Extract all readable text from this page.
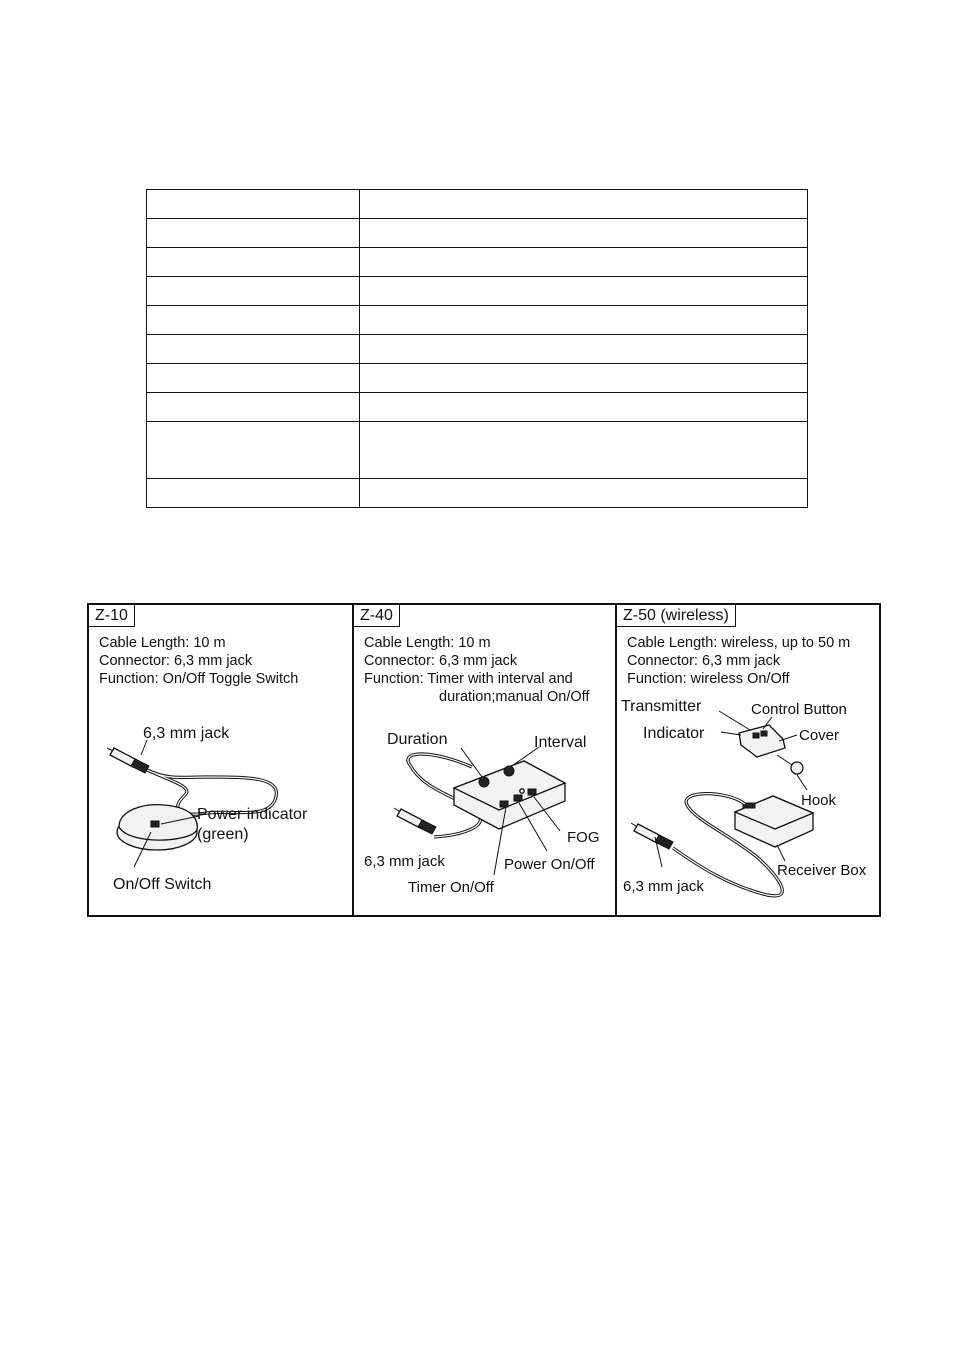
Z-10
Cable Length: 10 m
Connector: 6,3 mm jack
Function: On/Off Toggle Switch
6,3 mm jack
Power indicator
(green)
On/Off Switch
Z-40
Cable Length: 10 m
Connector: 6,3 mm jack
Function: Timer with interval and
duration;manual On/Off
Duration	Interval
FOG
6,3 mm jack	Power On/Off
Timer On/Off
Z-50 (wireless)
Cable Length: wireless, up to 50 m
Connector: 6,3 mm jack
Function: wireless On/Off
Transmitter	Control Button
Indicator	Cover
Hook
Receiver Box
6,3 mm jack
